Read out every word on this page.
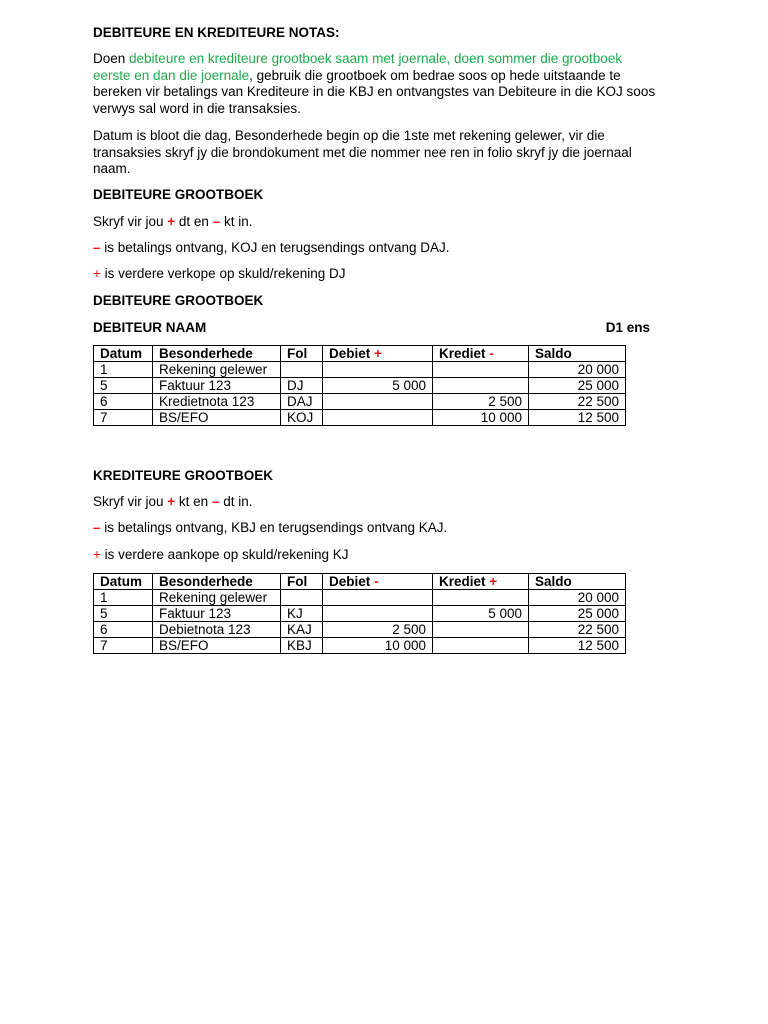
DEBITEURE EN KREDITEURE NOTAS:
Doen debiteure en krediteure grootboek saam met joernale, doen sommer die grootboek eerste en dan die joernale, gebruik die grootboek om bedrae soos op hede uitstaande te bereken vir betalings van Krediteure in die KBJ en ontvangstes van Debiteure in die KOJ soos verwys sal word in die transaksies.
Datum is bloot die dag, Besonderhede begin op die 1ste met rekening gelewer, vir die transaksies skryf jy die brondokument met die nommer nee ren in folio skryf jy die joernaal naam.
DEBITEURE GROOTBOEK
Skryf vir jou + dt en – kt in.
– is betalings ontvang, KOJ en terugsendings ontvang DAJ.
+ is verdere verkope op skuld/rekening DJ
DEBITEURE GROOTBOEK
DEBITEUR NAAM	D1 ens
Datum	Besonderhede	Fol	Debiet +	Krediet -	Saldo
1	Rekening gelewer				20 000
5	Faktuur 123	DJ	5 000		25 000
6	Kredietnota 123	DAJ		2 500	22 500
7	BS/EFO	KOJ		10 000	12 500
KREDITEURE GROOTBOEK
Skryf vir jou + kt en – dt in.
– is betalings ontvang, KBJ en terugsendings ontvang KAJ.
+ is verdere aankope op skuld/rekening KJ
Datum	Besonderhede	Fol	Debiet -	Krediet +	Saldo
1	Rekening gelewer				20 000
5	Faktuur 123	KJ		5 000	25 000
6	Debietnota 123	KAJ	2 500		22 500
7	BS/EFO	KBJ	10 000		12 500
